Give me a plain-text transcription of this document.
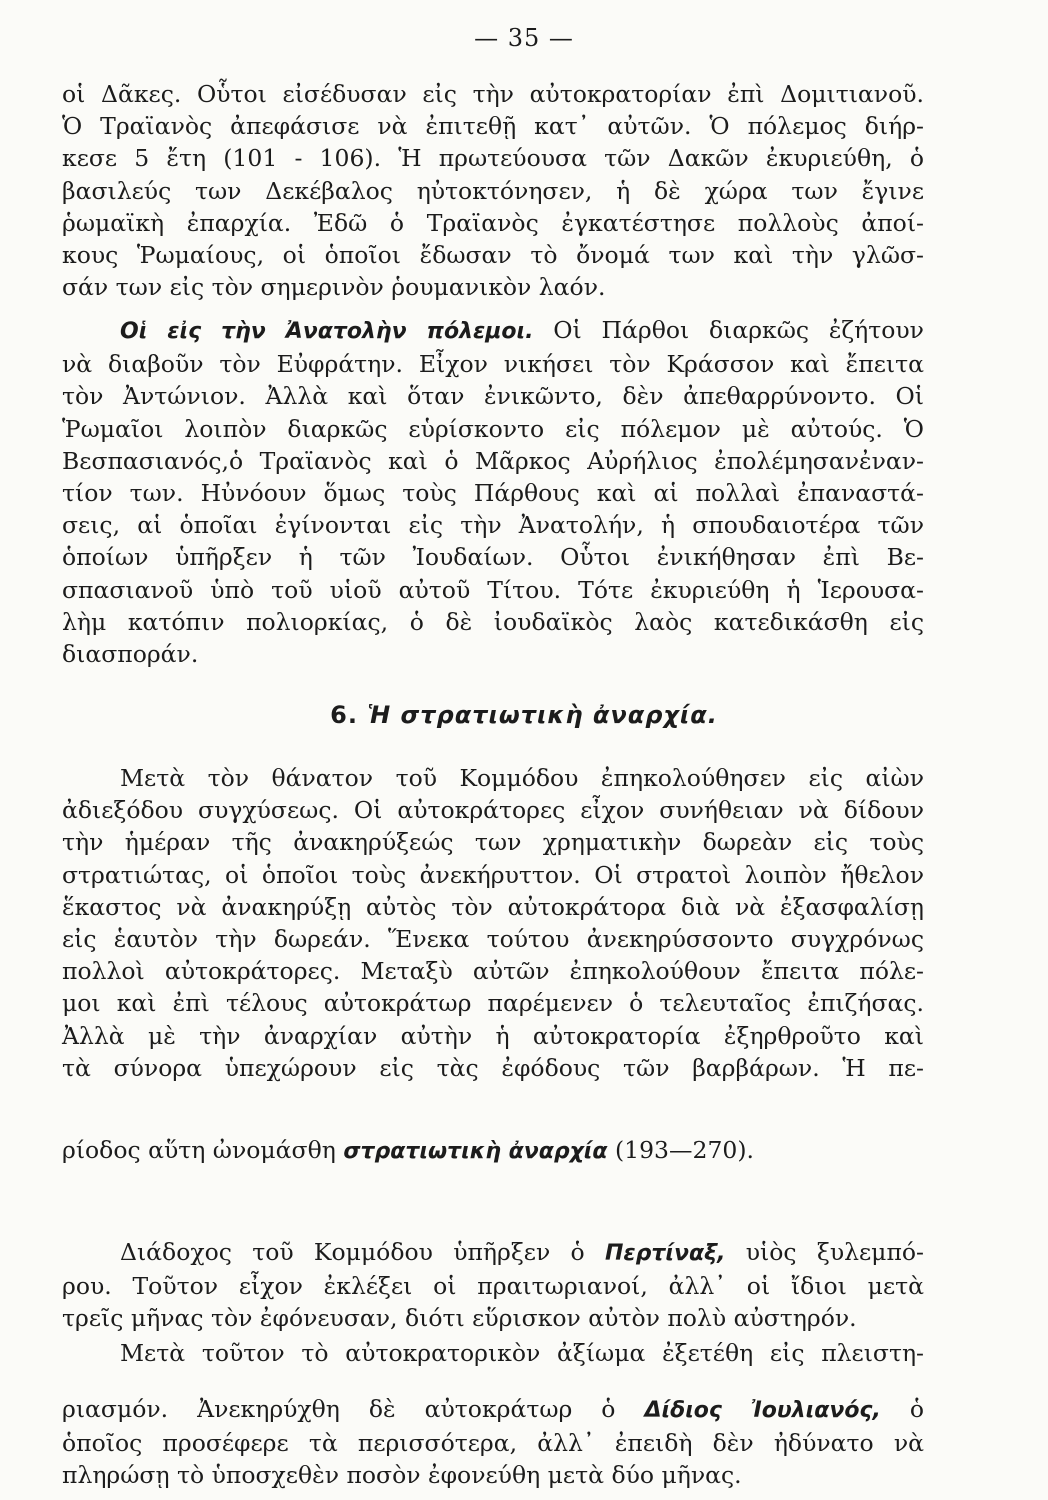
— 35 —
οἱ Δᾶκες. Οὗτοι εἰσέδυσαν εἰς τὴν αὐτοκρατορίαν ἐπὶ Δομιτιανοῦ.
Ὁ Τραϊανὸς ἀπεφάσισε νὰ ἐπιτεθῇ κατ᾽ αὐτῶν. Ὁ πόλεμος διήρ-
κεσε 5 ἔτη (101 - 106). Ἡ πρωτεύουσα τῶν Δακῶν ἐκυριεύθη, ὁ
βασιλεύς των Δεκέβαλος ηὐτοκτόνησεν, ἡ δὲ χώρα των ἔγινε
ῥωμαϊκὴ ἐπαρχία. Ἐδῶ ὁ Τραϊανὸς ἐγκατέστησε πολλοὺς ἀποί-
κους Ῥωμαίους, οἱ ὁποῖοι ἔδωσαν τὸ ὄνομά των καὶ τὴν γλῶσ-
σάν των εἰς τὸν σημερινὸν ῥουμανικὸν λαόν.
Οἱ εἰς τὴν Ἀνατολὴν πόλεμοι. Οἱ Πάρθοι διαρκῶς ἐζήτουν
νὰ διαβοῦν τὸν Εὐφράτην. Εἶχον νικήσει τὸν Κράσσον καὶ ἔπειτα
τὸν Ἀντώνιον. Ἀλλὰ καὶ ὅταν ἐνικῶντο, δὲν ἀπεθαρρύνοντο. Οἱ
Ῥωμαῖοι λοιπὸν διαρκῶς εὑρίσκοντο εἰς πόλεμον μὲ αὐτούς. Ὁ
Βεσπασιανός,ὁ Τραϊανὸς καὶ ὁ Μᾶρκος Αὐρήλιος ἐπολέμησανἐναν-
τίον των. Ηὐνόουν ὅμως τοὺς Πάρθους καὶ αἱ πολλαὶ ἐπαναστά-
σεις, αἱ ὁποῖαι ἐγίνονται εἰς τὴν Ἀνατολήν, ἡ σπουδαιοτέρα τῶν
ὁποίων ὑπῆρξεν ἡ τῶν Ἰουδαίων. Οὗτοι ἐνικήθησαν ἐπὶ Βε-
σπασιανοῦ ὑπὸ τοῦ υἱοῦ αὐτοῦ Τίτου. Τότε ἐκυριεύθη ἡ Ἱερουσα-
λὴμ κατόπιν πολιορκίας, ὁ δὲ ἰουδαϊκὸς λαὸς κατεδικάσθη εἰς
διασποράν.
6. Ἡ στρατιωτικὴ ἀναρχία.
Μετὰ τὸν θάνατον τοῦ Κομμόδου ἐπηκολούθησεν εἰς αἰὼν
ἀδιεξόδου συγχύσεως. Οἱ αὐτοκράτορες εἶχον συνήθειαν νὰ δίδουν
τὴν ἡμέραν τῆς ἀνακηρύξεώς των χρηματικὴν δωρεὰν εἰς τοὺς
στρατιώτας, οἱ ὁποῖοι τοὺς ἀνεκήρυττον. Οἱ στρατοὶ λοιπὸν ἤθελον
ἕκαστος νὰ ἀνακηρύξῃ αὐτὸς τὸν αὐτοκράτορα διὰ νὰ ἐξασφαλίσῃ
εἰς ἑαυτὸν τὴν δωρεάν. Ἕνεκα τούτου ἀνεκηρύσσοντο συγχρόνως
πολλοὶ αὐτοκράτορες. Μεταξὺ αὐτῶν ἐπηκολούθουν ἔπειτα πόλε-
μοι καὶ ἐπὶ τέλους αὐτοκράτωρ παρέμενεν ὁ τελευταῖος ἐπιζήσας.
Ἀλλὰ μὲ τὴν ἀναρχίαν αὐτὴν ἡ αὐτοκρατορία ἐξηρθροῦτο καὶ
τὰ σύνορα ὑπεχώρουν εἰς τὰς ἐφόδους τῶν βαρβάρων. Ἡ πε-
ρίοδος αὕτη ὠνομάσθη στρατιωτικὴ ἀναρχία (193—270).
Διάδοχος τοῦ Κομμόδου ὑπῆρξεν ὁ Περτίναξ, υἱὸς ξυλεμπό-
ρου. Τοῦτον εἶχον ἐκλέξει οἱ πραιτωριανοί, ἀλλ᾽ οἱ ἴδιοι μετὰ
τρεῖς μῆνας τὸν ἐφόνευσαν, διότι εὕρισκον αὐτὸν πολὺ αὐστηρόν.
Μετὰ τοῦτον τὸ αὐτοκρατορικὸν ἀξίωμα ἐξετέθη εἰς πλειστη-
ριασμόν. Ἀνεκηρύχθη δὲ αὐτοκράτωρ ὁ Δίδιος Ἰουλιανός, ὁ
ὁποῖος προσέφερε τὰ περισσότερα, ἀλλ᾽ ἐπειδὴ δὲν ἠδύνατο νὰ
πληρώσῃ τὸ ὑποσχεθὲν ποσὸν ἐφονεύθη μετὰ δύο μῆνας.
